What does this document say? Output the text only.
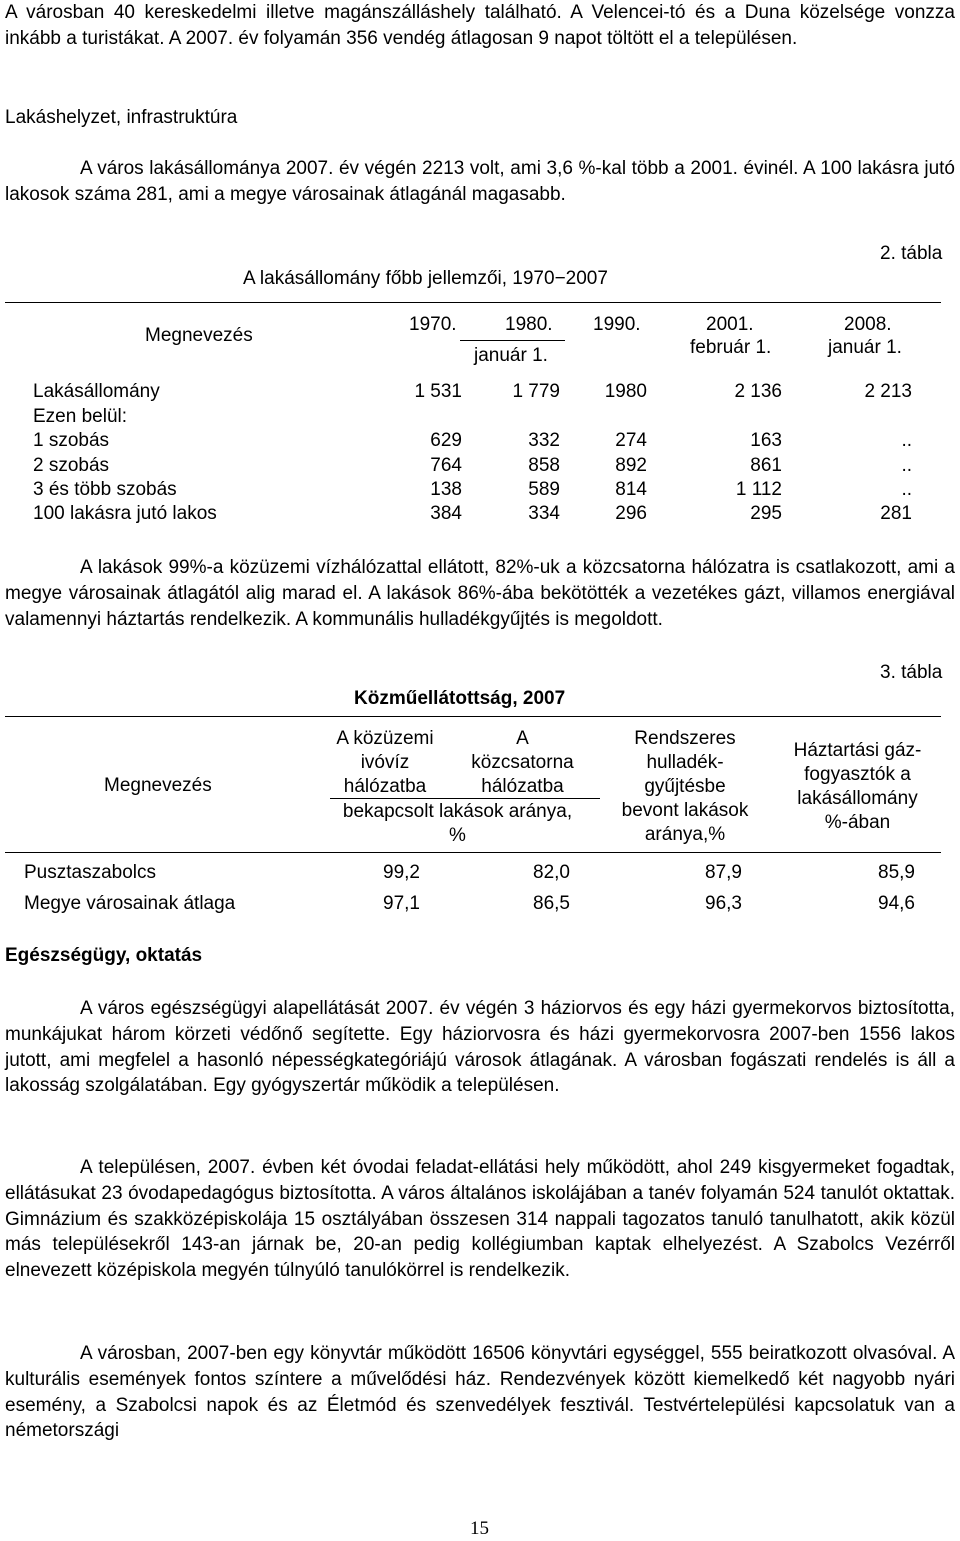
A városban 40 kereskedelmi illetve magánszálláshely található. A Velencei-tó és a Duna közelsége vonzza inkább a turistákat. A 2007. év folyamán 356 vendég átlagosan 9 napot töltött el a településen.

Lakáshelyzet, infrastruktúra

A város lakásállománya 2007. év végén 2213 volt, ami 3,6 %-kal több a 2001. évinél. A 100 lakásra jutó lakosok száma 281, ami a megye városainak átlagánál magasabb.

2. tábla
A lakásállomány főbb jellemzői, 1970−2007
Megnevezés
1970.	1980. 1990.	2001.	2008.
január 1.	február 1.	január 1.
Lakásállomány	1 531	1 779	1980	2 136	2 213
Ezen belül:
1 szobás	629	332	274	163	..
2 szobás	764	858	892	861	..
3 és több szobás	138	589	814	1 112	..
100 lakásra jutó lakos	384	334	296	295	281

A lakások 99%-a közüzemi vízhálózattal ellátott, 82%-uk a közcsatorna hálózatra is csatlakozott, ami a megye városainak átlagától alig marad el. A lakások 86%-ába bekötötték a vezetékes gázt, villamos energiával valamennyi háztartás rendelkezik. A kommunális hulladékgyűjtés is megoldott.

3. tábla
Közműellátottság, 2007
Megnevezés
A közüzemi
ivóvíz
hálózatba
A
közcsatorna
hálózatba
bekapcsolt lakások aránya,
%
Rendszeres
hulladék-
gyűjtésbe
bevont lakások
aránya,%
Háztartási gáz-
fogyasztók a
lakásállomány
%-ában
Pusztaszabolcs	99,2	82,0	87,9	85,9
Megye városainak átlaga	97,1	86,5	96,3	94,6
Egészségügy, oktatás

A város egészségügyi alapellátását 2007. év végén 3 háziorvos és egy házi gyermekorvos biztosította, munkájukat három körzeti védőnő segítette. Egy háziorvosra és házi gyermekorvosra 2007-ben 1556 lakos jutott, ami megfelel a hasonló népességkategóriájú városok átlagának. A városban fogászati rendelés is áll a lakosság szolgálatában. Egy gyógyszertár működik a településen.

A településen, 2007. évben két óvodai feladat-ellátási hely működött, ahol 249 kisgyermeket fogadtak, ellátásukat 23 óvodapedagógus biztosította. A város általános iskolájában a tanév folyamán 524 tanulót oktattak. Gimnázium és szakközépiskolája 15 osztályában összesen 314 nappali tagozatos tanuló tanulhatott, akik közül más településekről 143-an járnak be, 20-an pedig kollégiumban kaptak elhelyezést. A Szabolcs Vezérről elnevezett középiskola megyén túlnyúló tanulókörrel is rendelkezik.

A városban, 2007-ben egy könyvtár működött 16506 könyvtári egységgel, 555 beiratkozott olvasóval. A kulturális események fontos színtere a művelődési ház. Rendezvények között kiemelkedő két nagyobb nyári esemény, a Szabolcsi napok és az Életmód és szenvedélyek fesztivál. Testvértelepülési kapcsolatuk van a németországi

15
